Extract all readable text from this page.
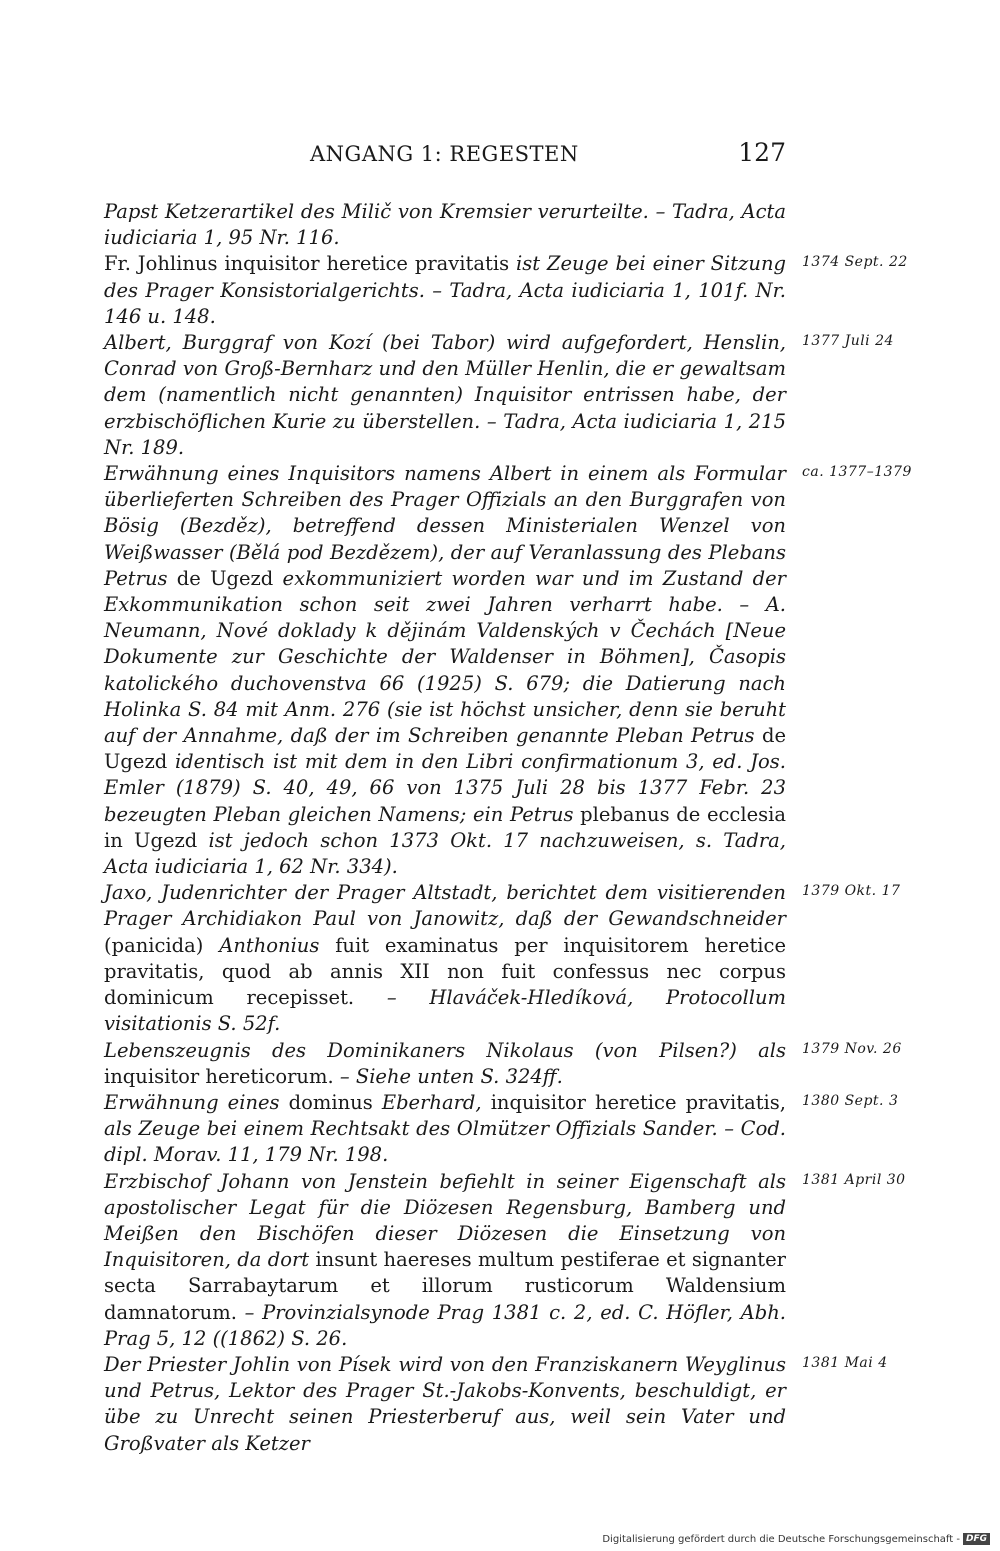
ANGANG 1: REGESTEN	127

Papst Ketzerartikel des Milič von Kremsier verurteilte. – Tadra, Acta iudiciaria 1, 95 Nr. 116.

Fr. Johlinus inquisitor heretice pravitatis ist Zeuge bei einer Sitzung des Prager Konsistorialgerichts. – Tadra, Acta iudiciaria 1, 101f. Nr. 146 u. 148.

1374 Sept. 22

Albert, Burggraf von Kozí (bei Tabor) wird aufgefordert, Henslin, Conrad von Groß-Bernharz und den Müller Henlin, die er gewaltsam dem (namentlich nicht genannten) Inquisitor entrissen habe, der erzbischöflichen Kurie zu überstellen. – Tadra, Acta iudiciaria 1, 215 Nr. 189.

1377 Juli 24

Erwähnung eines Inquisitors namens Albert in einem als Formular überlieferten Schreiben des Prager Offizials an den Burggrafen von Bösig (Bezděz), betreffend dessen Ministerialen Wenzel von Weißwasser (Bělá pod Bezdězem), der auf Veranlassung des Plebans Petrus de Ugezd exkommuniziert worden war und im Zustand der Exkommunikation schon seit zwei Jahren verharrt habe. – A. Neumann, Nové doklady k dějinám Valdenských v Čechách [Neue Dokumente zur Geschichte der Waldenser in Böhmen], Časopis katolického duchovenstva 66 (1925) S. 679; die Datierung nach Holinka S. 84 mit Anm. 276 (sie ist höchst unsicher, denn sie beruht auf der Annahme, daß der im Schreiben genannte Pleban Petrus de Ugezd identisch ist mit dem in den Libri confirmationum 3, ed. Jos. Emler (1879) S. 40, 49, 66 von 1375 Juli 28 bis 1377 Febr. 23 bezeugten Pleban gleichen Namens; ein Petrus plebanus de ecclesia in Ugezd ist jedoch schon 1373 Okt. 17 nachzuweisen, s. Tadra, Acta iudiciaria 1, 62 Nr. 334).

ca. 1377–1379

Jaxo, Judenrichter der Prager Altstadt, berichtet dem visitierenden Prager Archidiakon Paul von Janowitz, daß der Gewandschneider (panicida) Anthonius fuit examinatus per inquisitorem heretice pravitatis, quod ab annis XII non fuit confessus nec corpus dominicum recepisset. – Hlaváček-Hledíková, Protocollum visitationis S. 52f.

1379 Okt. 17

Lebenszeugnis des Dominikaners Nikolaus (von Pilsen?) als inquisitor hereticorum. – Siehe unten S. 324ff.

1379 Nov. 26

Erwähnung eines dominus Eberhard, inquisitor heretice pravitatis, als Zeuge bei einem Rechtsakt des Olmützer Offizials Sander. – Cod. dipl. Morav. 11, 179 Nr. 198.

1380 Sept. 3

Erzbischof Johann von Jenstein befiehlt in seiner Eigenschaft als apostolischer Legat für die Diözesen Regensburg, Bamberg und Meißen den Bischöfen dieser Diözesen die Einsetzung von Inquisitoren, da dort insunt haereses multum pestiferae et signanter secta Sarrabaytarum et illorum rusticorum Waldensium damnatorum. – Provinzialsynode Prag 1381 c. 2, ed. C. Höfler, Abh. Prag 5, 12 ((1862) S. 26.

1381 April 30

Der Priester Johlin von Písek wird von den Franziskanern Weyglinus und Petrus, Lektor des Prager St.-Jakobs-Konvents, beschuldigt, er übe zu Unrecht seinen Priesterberuf aus, weil sein Vater und Großvater als Ketzer

1381 Mai 4
Digitalisierung gefördert durch die Deutsche Forschungsgemeinschaft - DFG
